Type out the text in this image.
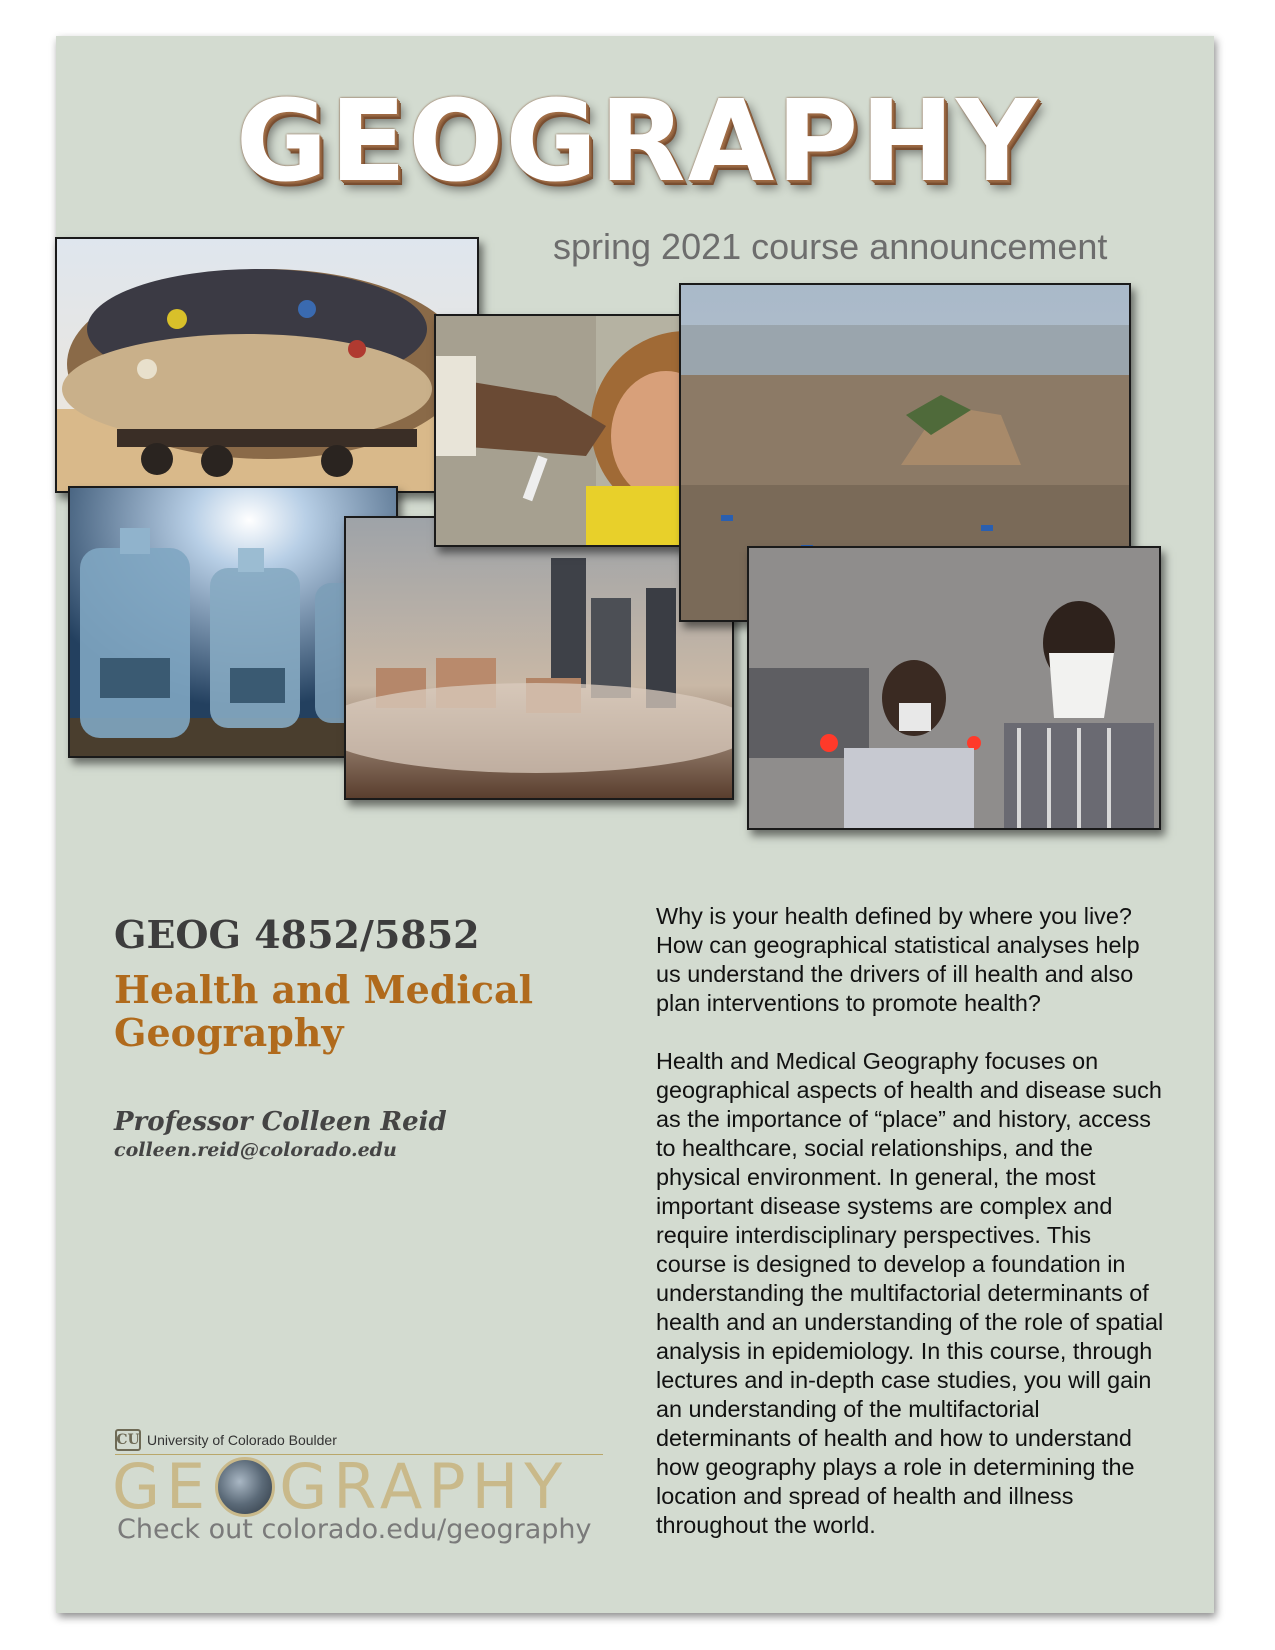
GEOGRAPHY
spring 2021 course announcement
GEOG 4852/5852
Health and Medical Geography
Professor Colleen Reid
colleen.reid@colorado.edu

Why is your health defined by where you live? How can geographical statistical analyses help us understand the drivers of ill health and also plan interventions to promote health?

Health and Medical Geography focuses on geographical aspects of health and disease such as the importance of “place” and history, access to healthcare, social relationships, and the physical environment. In general, the most important disease systems are complex and require interdisciplinary perspectives. This course is designed to develop a foundation in understanding the multifactorial determinants of health and an understanding of the role of spatial analysis in epidemiology. In this course, through lectures and in-depth case studies, you will gain an understanding of the multifactorial determinants of health and how to understand how geography plays a role in determining the location and spread of health and illness throughout the world.

CU University of Colorado Boulder
GE GRAPHY
Check out colorado.edu/geography
